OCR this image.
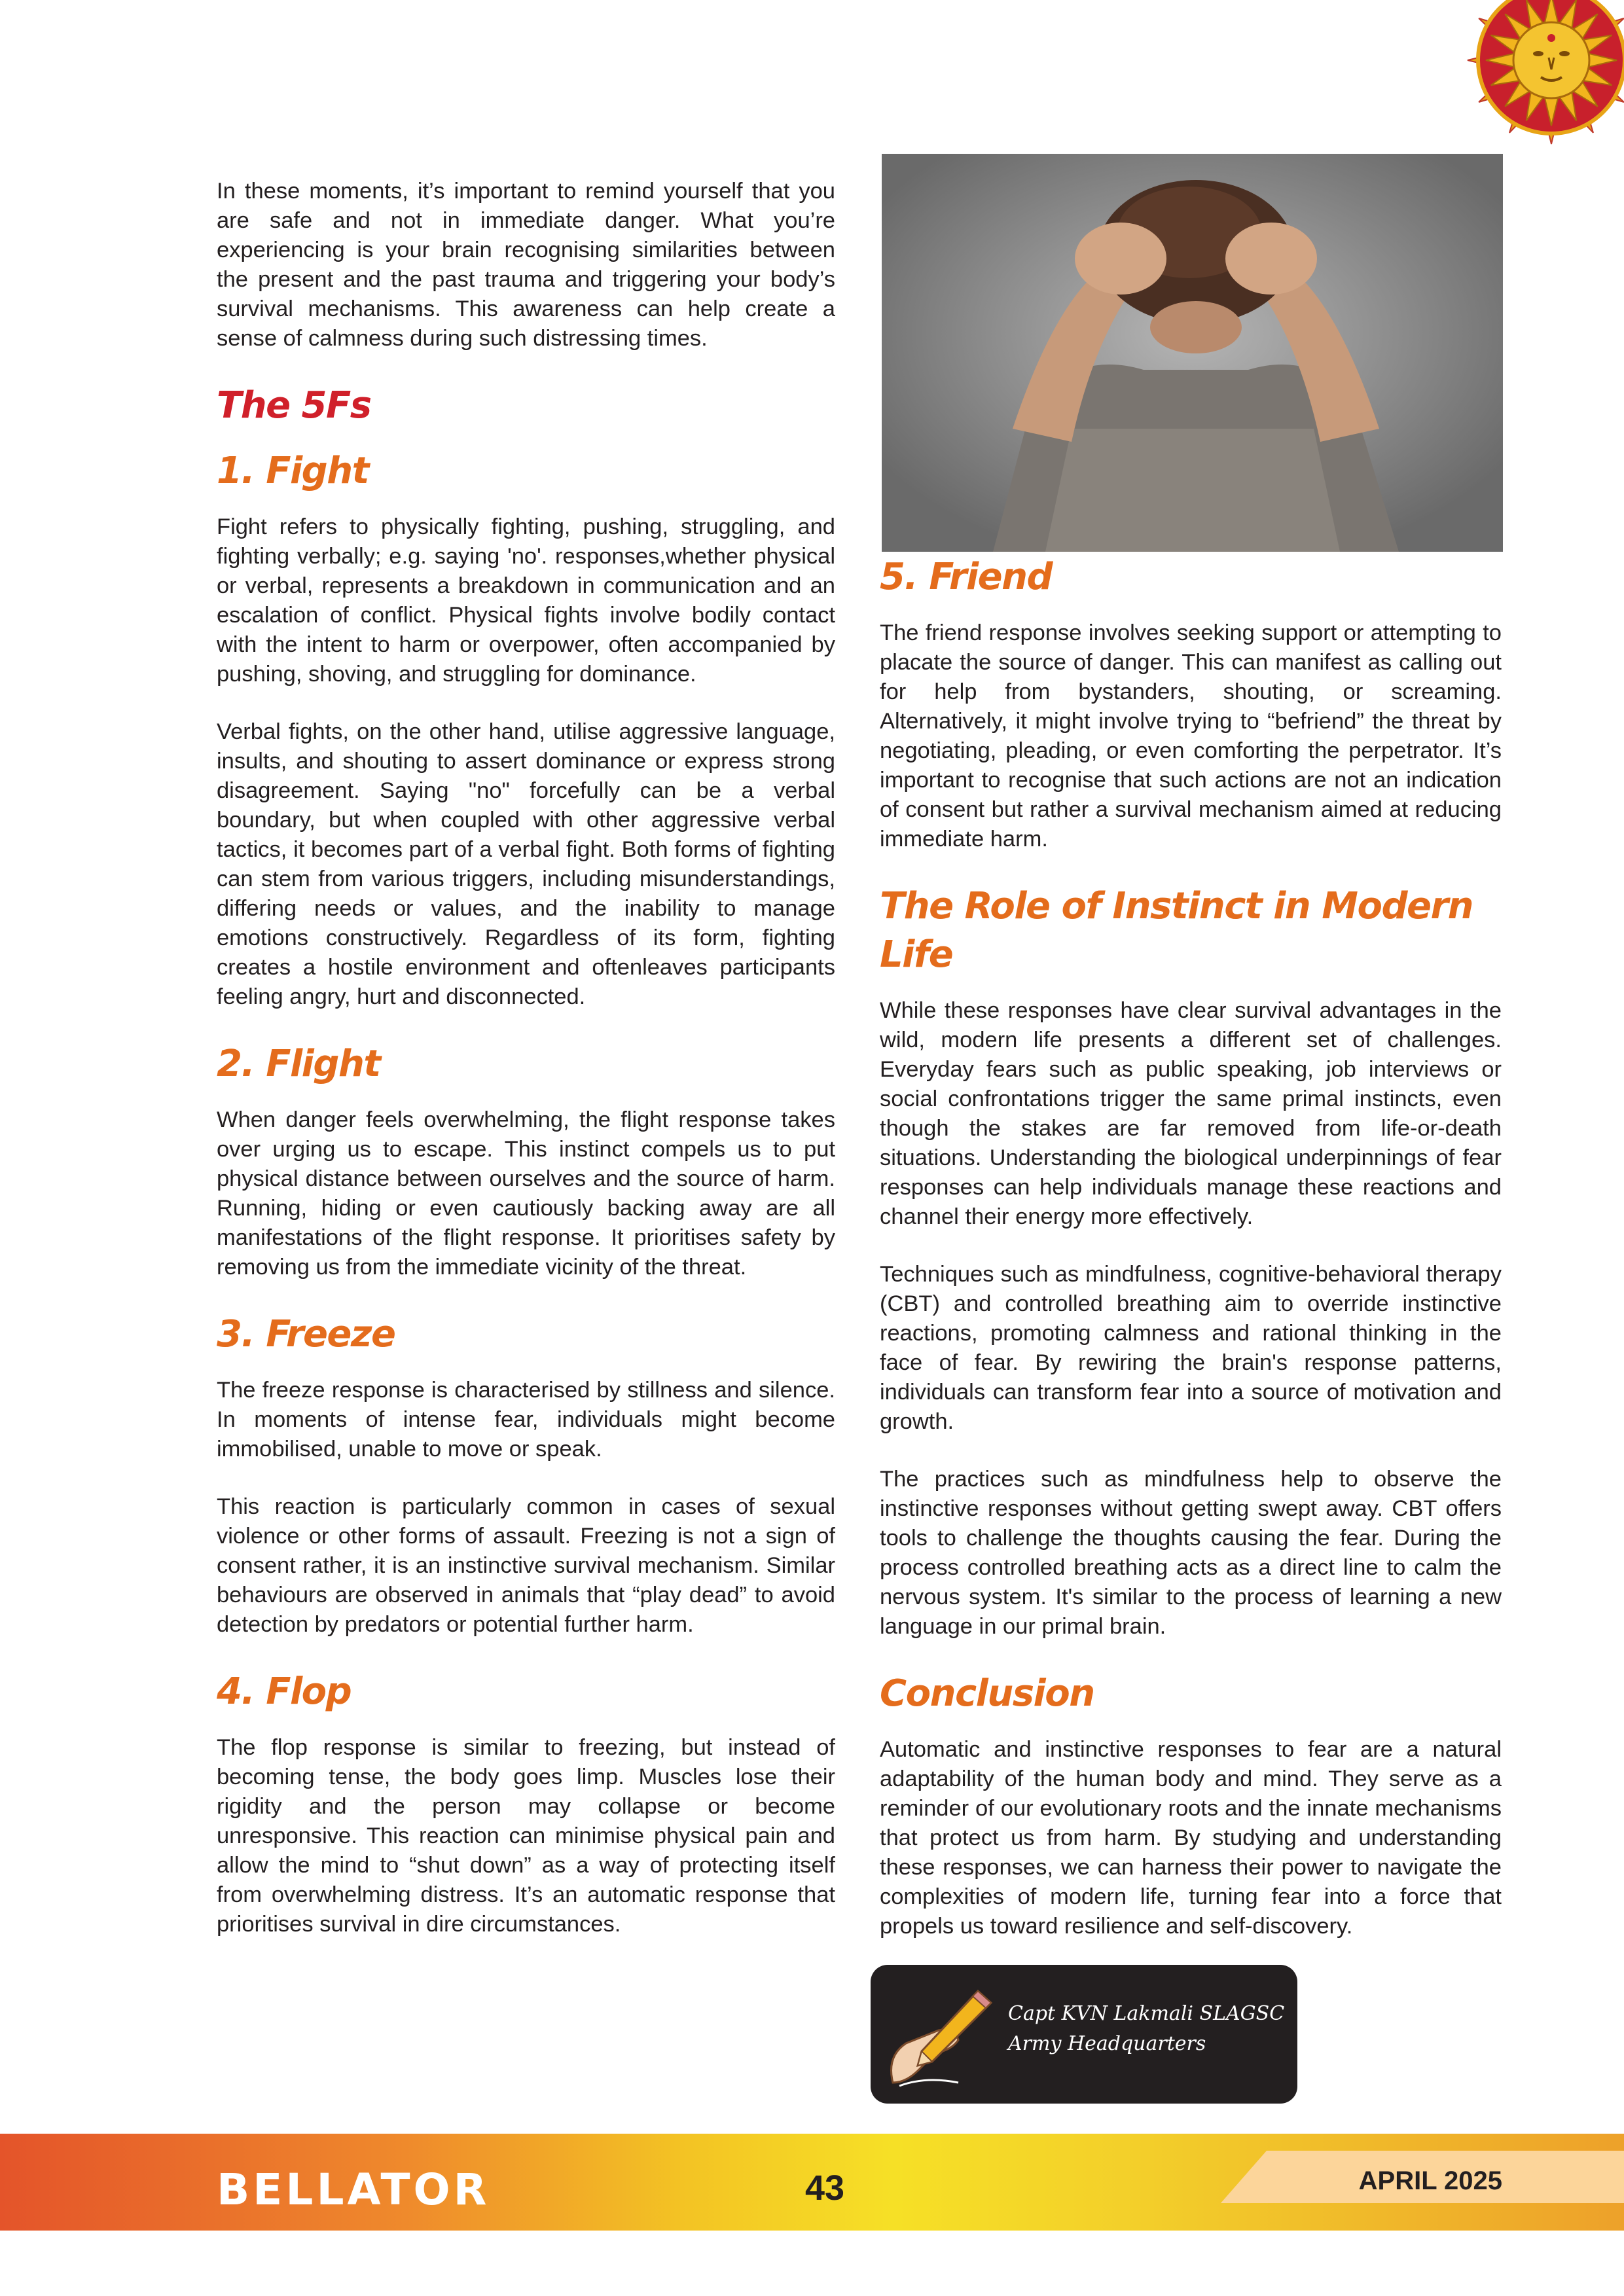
In these moments, it’s important to remind yourself that you are safe and not in immediate danger. What you’re experiencing is your brain recognising similarities between the present and the past trauma and triggering your body’s survival mechanisms. This awareness can help create a sense of calmness during such distressing times.

The 5Fs
1. Fight

Fight refers to physically fighting, pushing, struggling, and fighting verbally; e.g. saying 'no'. responses,whether physical or verbal, represents a breakdown in communication and an escalation of conflict. Physical fights involve bodily contact with the intent to harm or overpower, often accompanied by pushing, shoving, and struggling for dominance.

Verbal fights, on the other hand, utilise aggressive language, insults, and shouting to assert dominance or express strong disagreement. Saying "no" forcefully can be a verbal boundary, but when coupled with other aggressive verbal tactics, it becomes part of a verbal fight. Both forms of fighting can stem from various triggers, including misunderstandings, differing needs or values, and the inability to manage emotions constructively. Regardless of its form, fighting creates a hostile environment and oftenleaves participants feeling angry, hurt and disconnected.

2. Flight

When danger feels overwhelming, the flight response takes over urging us to escape. This instinct compels us to put physical distance between ourselves and the source of harm. Running, hiding or even cautiously backing away are all manifestations of the flight response. It prioritises safety by removing us from the immediate vicinity of the threat.

3. Freeze

The freeze response is characterised by stillness and silence. In moments of intense fear, individuals might become immobilised, unable to move or speak.

This reaction is particularly common in cases of sexual violence or other forms of assault. Freezing is not a sign of consent rather, it is an instinctive survival mechanism. Similar behaviours are observed in animals that “play dead” to avoid detection by predators or potential further harm.

4. Flop

The flop response is similar to freezing, but instead of becoming tense, the body goes limp. Muscles lose their rigidity and the person may collapse or become unresponsive. This reaction can minimise physical pain and allow the mind to “shut down” as a way of protecting itself from overwhelming distress. It’s an automatic response that prioritises survival in dire circumstances.

5. Friend

The friend response involves seeking support or attempting to placate the source of danger. This can manifest as calling out for help from bystanders, shouting, or screaming. Alternatively, it might involve trying to “befriend” the threat by negotiating, pleading, or even comforting the perpetrator. It’s important to recognise that such actions are not an indication of consent but rather a survival mechanism aimed at reducing immediate harm.

The Role of Instinct in Modern Life

While these responses have clear survival advantages in the wild, modern life presents a different set of challenges. Everyday fears such as public speaking, job interviews or social confrontations trigger the same primal instincts, even though the stakes are far removed from life-or-death situations. Understanding the biological underpinnings of fear responses can help individuals manage these reactions and channel their energy more effectively.

Techniques such as mindfulness, cognitive-behavioral therapy (CBT) and controlled breathing aim to override instinctive reactions, promoting calmness and rational thinking in the face of fear. By rewiring the brain's response patterns, individuals can transform fear into a source of motivation and growth.

The practices such as mindfulness help to observe the instinctive responses without getting swept away. CBT offers tools to challenge the thoughts causing the fear. During the process controlled breathing acts as a direct line to calm the nervous system. It's similar to the process of learning a new language in our primal brain.

Conclusion

Automatic and instinctive responses to fear are a natural adaptability of the human body and mind. They serve as a reminder of our evolutionary roots and the innate mechanisms that protect us from harm. By studying and understanding these responses, we can harness their power to navigate the complexities of modern life, turning fear into a force that propels us toward resilience and self-discovery.

Capt KVN Lakmali SLAGSC
Army Headquarters
BELLATOR	43	APRIL 2025
